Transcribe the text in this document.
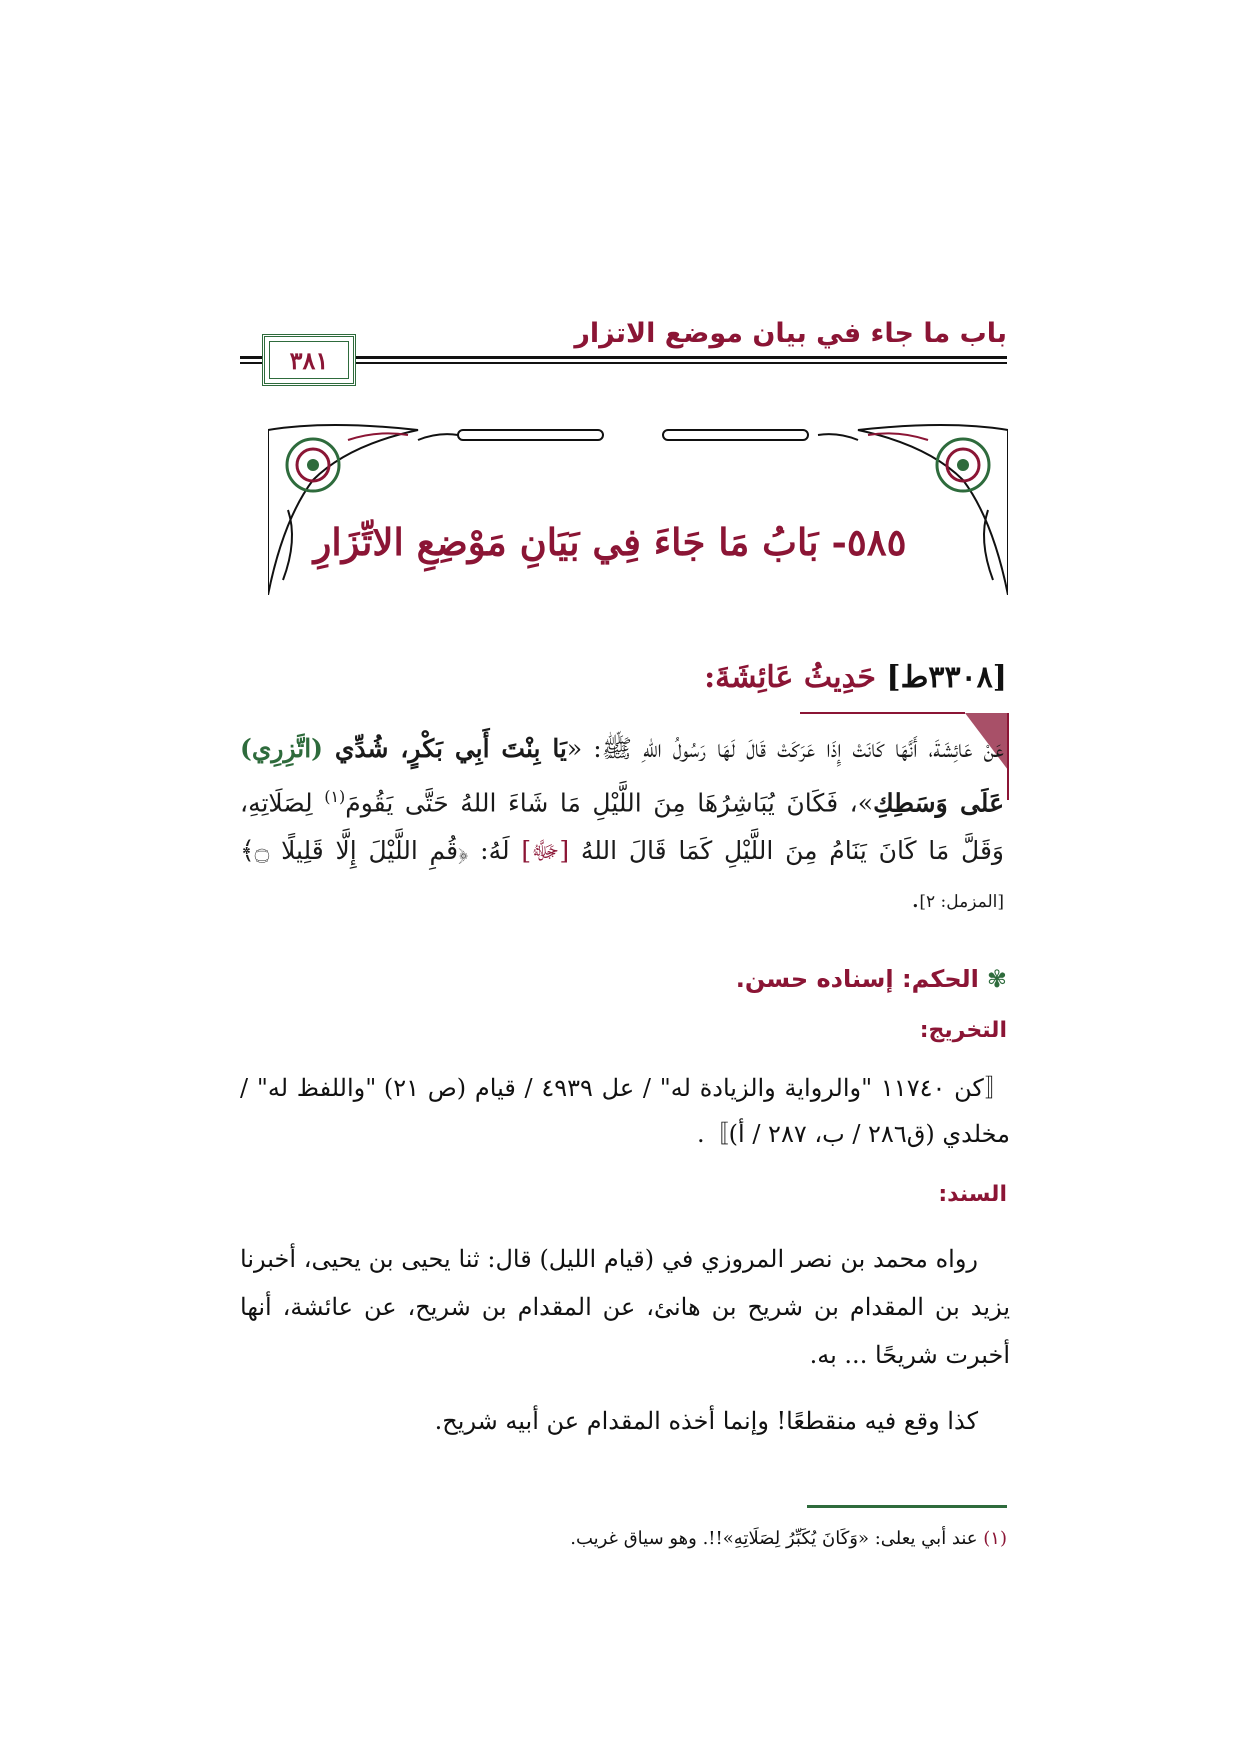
باب ما جاء في بيان موضع الاتزار
٣٨١
٥٨٥- بَابُ مَا جَاءَ فِي بَيَانِ مَوْضِعِ الاتِّزَارِ
[٣٣٠٨ط] حَدِيثُ عَائِشَةَ:

عَنْ عَائِشَةَ، أَنَّهَا كَانَتْ إِذَا عَرَكَتْ قَالَ لَهَا رَسُولُ اللهِ ﷺ: «يَا بِنْتَ أَبِي بَكْرٍ، شُدِّي (اتَّزِرِي) عَلَى وَسَطِكِ»، فَكَانَ يُبَاشِرُهَا مِنَ اللَّيْلِ مَا شَاءَ اللهُ حَتَّى يَقُومَ$^{(١)}$ لِصَلَاتِهِ، وَقَلَّ مَا كَانَ يَنَامُ مِنَ اللَّيْلِ كَمَا قَالَ اللهُ [ﷻ] لَهُ: ﴿قُمِ اللَّيْلَ إِلَّا قَلِيلًا ۝﴾ [المزمل: ٢].

✾الحكم: إسناده حسن.
التخريج:
〚كن ١١٧٤٠ "والرواية والزيادة له" / عل ٤٩٣٩ / قيام (ص ٢١) "واللفظ له" / مخلدي (ق٢٨٦ / ب، ٢٨٧ / أ)〛.
السند:

رواه محمد بن نصر المروزي في (قيام الليل) قال: ثنا يحيى بن يحيى، أخبرنا يزيد بن المقدام بن شريح بن هانئ، عن المقدام بن شريح، عن عائشة، أنها أخبرت شريحًا ... به.

كذا وقع فيه منقطعًا! وإنما أخذه المقدام عن أبيه شريح.

(١) عند أبي يعلى: «وَكَانَ يُكَبِّرُ لِصَلَاتِهِ»!!. وهو سياق غريب.
